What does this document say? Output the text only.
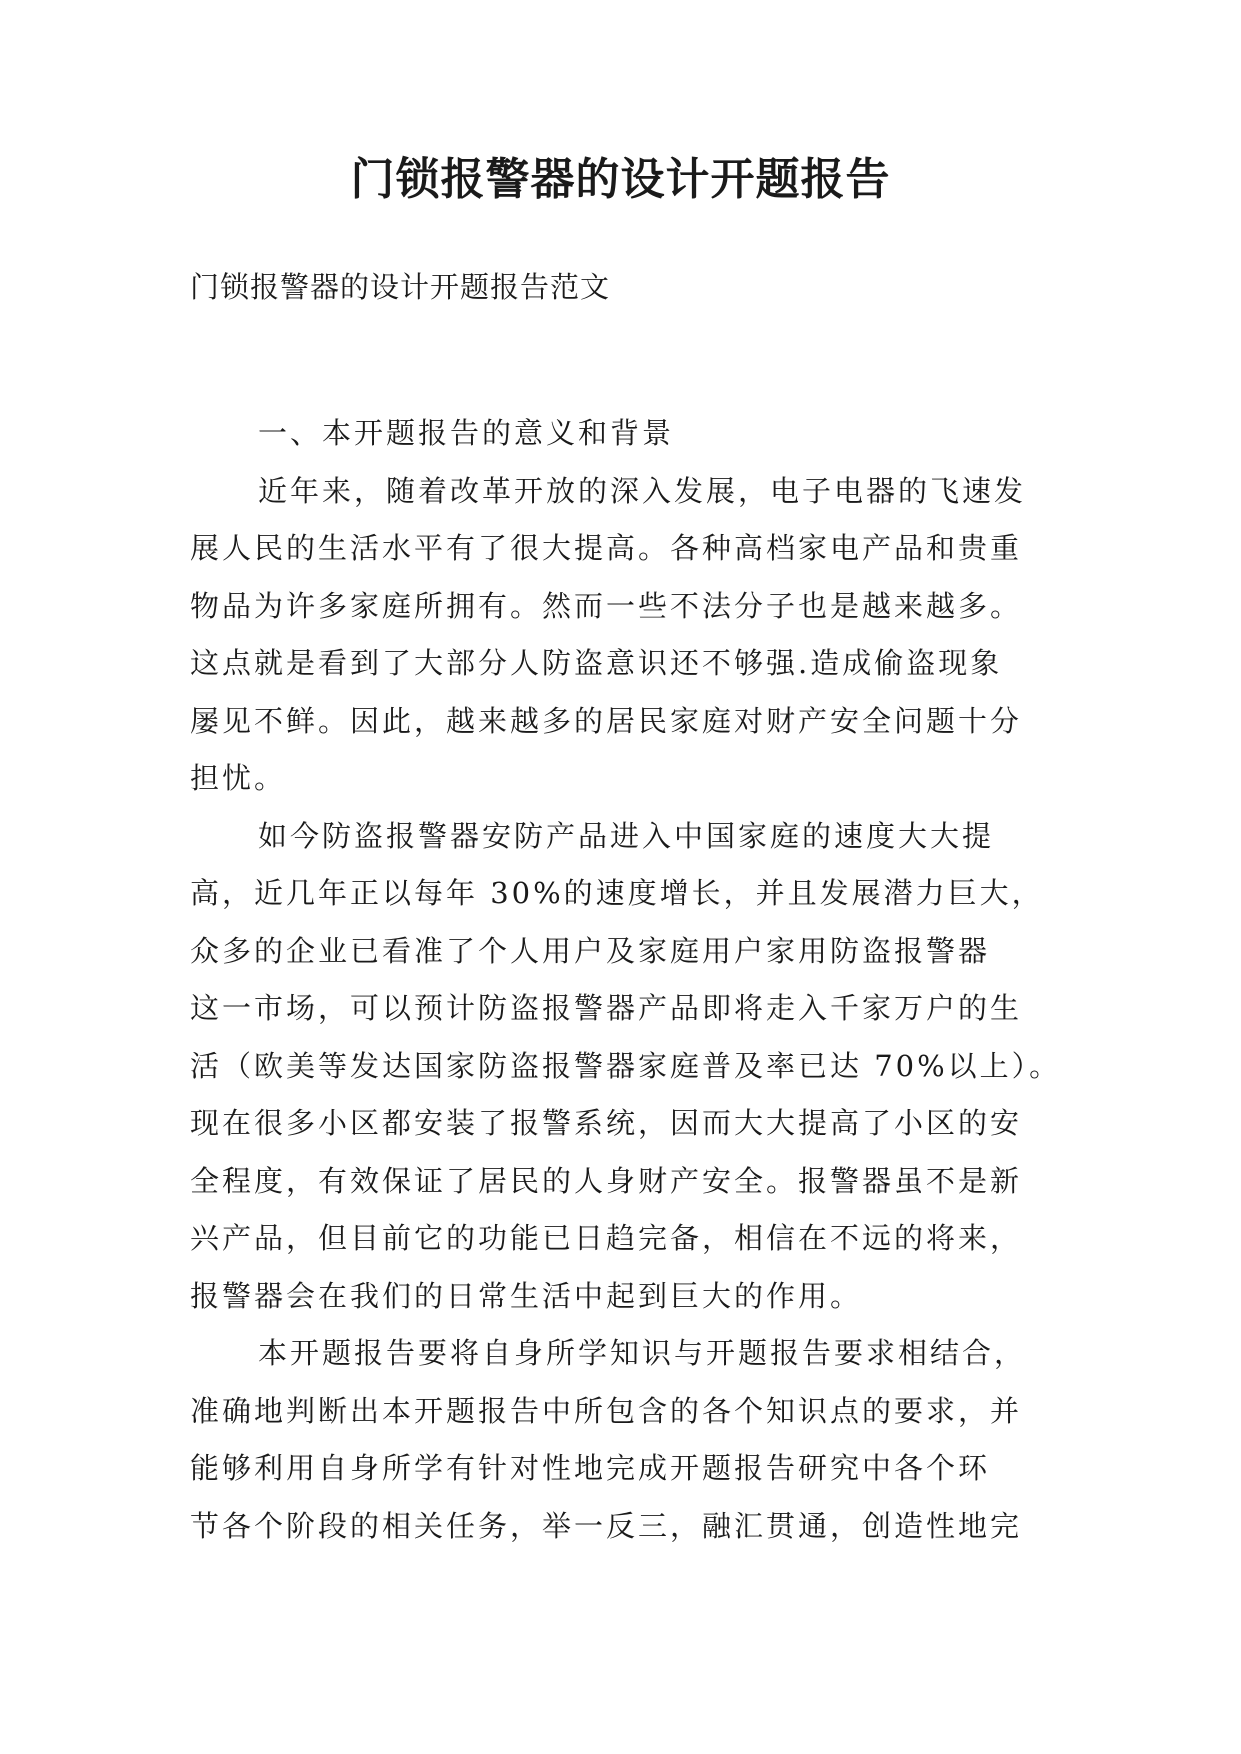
门锁报警器的设计开题报告
门锁报警器的设计开题报告范文
一、本开题报告的意义和背景
近年来，随着改革开放的深入发展，电子电器的飞速发
展人民的生活水平有了很大提高。各种高档家电产品和贵重
物品为许多家庭所拥有。然而一些不法分子也是越来越多。
这点就是看到了大部分人防盗意识还不够强.造成偷盗现象
屡见不鲜。因此，越来越多的居民家庭对财产安全问题十分
担忧。
如今防盗报警器安防产品进入中国家庭的速度大大提
高，近几年正以每年 30%的速度增长，并且发展潜力巨大，
众多的企业已看准了个人用户及家庭用户家用防盗报警器
这一市场，可以预计防盗报警器产品即将走入千家万户的生
活（欧美等发达国家防盗报警器家庭普及率已达 70%以上）。
现在很多小区都安装了报警系统，因而大大提高了小区的安
全程度，有效保证了居民的人身财产安全。报警器虽不是新
兴产品，但目前它的功能已日趋完备，相信在不远的将来，
报警器会在我们的日常生活中起到巨大的作用。
本开题报告要将自身所学知识与开题报告要求相结合，
准确地判断出本开题报告中所包含的各个知识点的要求，并
能够利用自身所学有针对性地完成开题报告研究中各个环
节各个阶段的相关任务，举一反三，融汇贯通，创造性地完
